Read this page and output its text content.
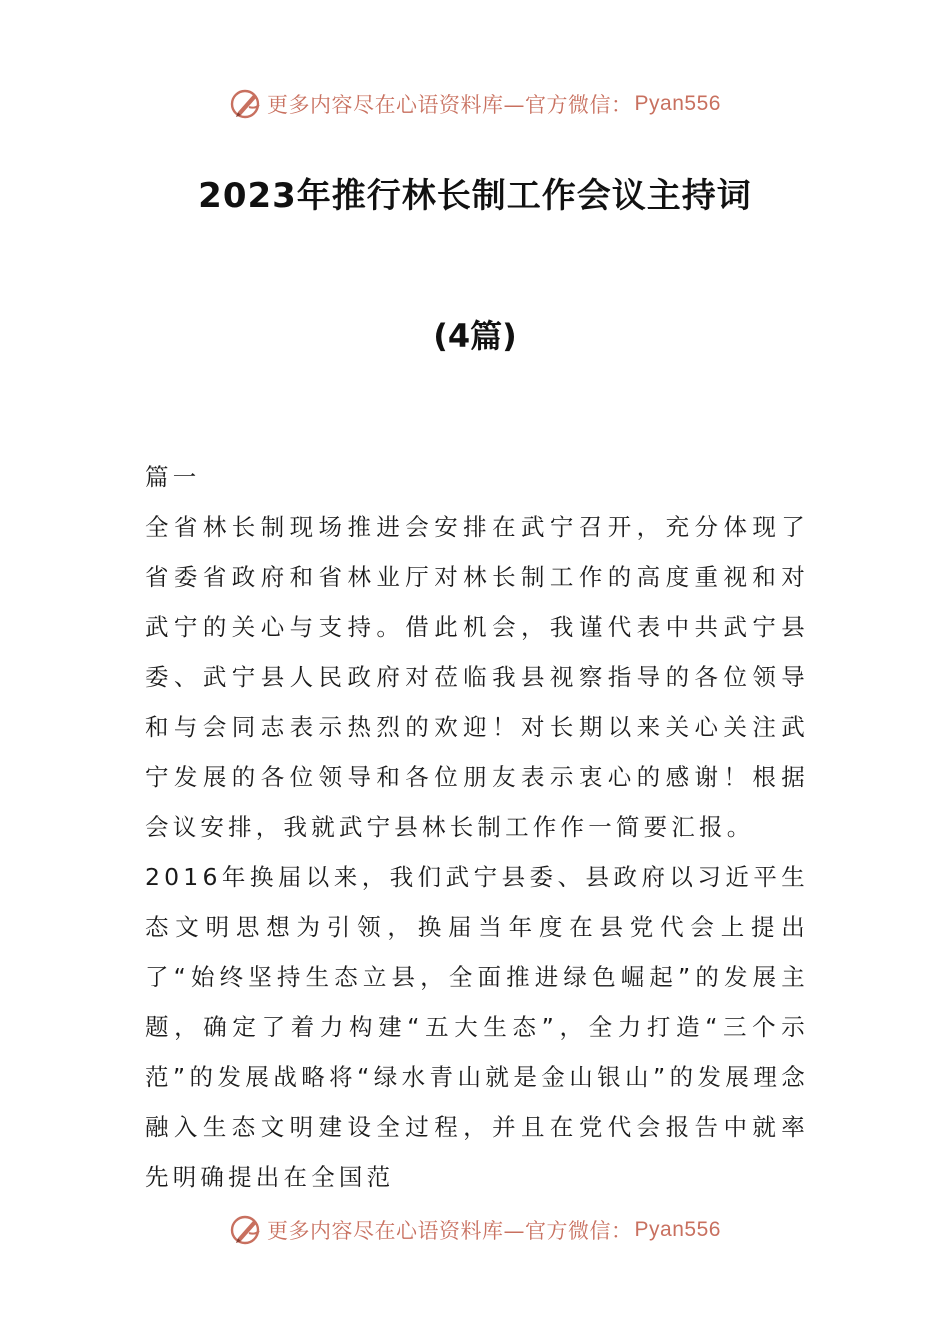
更多内容尽在心语资料库—官方微信： Pyan556
2023年推行林长制工作会议主持词
(4篇)

篇一

全省林长制现场推进会安排在武宁召开，充分体现了省委省政府和省林业厅对林长制工作的高度重视和对武宁的关心与支持。借此机会，我谨代表中共武宁县委、武宁县人民政府对莅临我县视察指导的各位领导和与会同志表示热烈的欢迎！对长期以来关心关注武宁发展的各位领导和各位朋友表示衷心的感谢！根据会议安排，我就武宁县林长制工作作一简要汇报。

2016年换届以来，我们武宁县委、县政府以习近平生态文明思想为引领，换届当年度在县党代会上提出了“始终坚持生态立县，全面推进绿色崛起”的发展主题，确定了着力构建“五大生态”，全力打造“三个示范”的发展战略将“绿水青山就是金山银山”的发展理念融入生态文明建设全过程，并且在党代会报告中就率先明确提出在全国范

更多内容尽在心语资料库—官方微信： Pyan556
